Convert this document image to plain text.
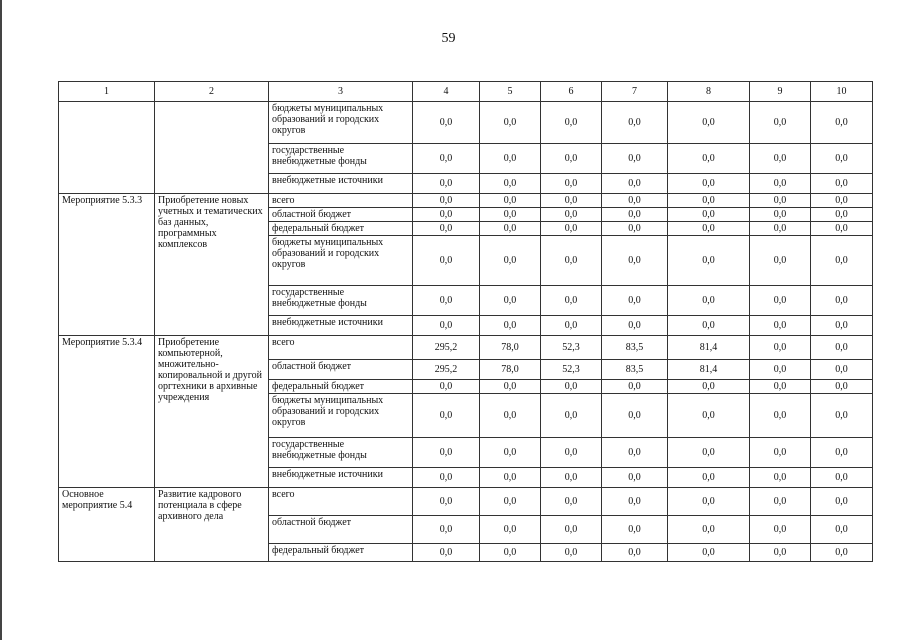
59
1	2	3	4	5	6	7	8	9	10
		бюджеты муниципальных образований и городских округов	0,0	0,0	0,0	0,0	0,0	0,0	0,0
		государственные внебюджетные фонды	0,0	0,0	0,0	0,0	0,0	0,0	0,0
		внебюджетные источники	0,0	0,0	0,0	0,0	0,0	0,0	0,0
Мероприятие 5.3.3	Приобретение новых учетных и тематических баз данных, программных комплексов	всего	0,0	0,0	0,0	0,0	0,0	0,0	0,0
		областной бюджет	0,0	0,0	0,0	0,0	0,0	0,0	0,0
		федеральный бюджет	0,0	0,0	0,0	0,0	0,0	0,0	0,0
		бюджеты муниципальных образований и городских округов	0,0	0,0	0,0	0,0	0,0	0,0	0,0
		государственные внебюджетные фонды	0,0	0,0	0,0	0,0	0,0	0,0	0,0
		внебюджетные источники	0,0	0,0	0,0	0,0	0,0	0,0	0,0
Мероприятие 5.3.4	Приобретение компьютерной, множительно-копировальной и другой оргтехники в архивные учреждения	всего	295,2	78,0	52,3	83,5	81,4	0,0	0,0
		областной бюджет	295,2	78,0	52,3	83,5	81,4	0,0	0,0
		федеральный бюджет	0,0	0,0	0,0	0,0	0,0	0,0	0,0
		бюджеты муниципальных образований и городских округов	0,0	0,0	0,0	0,0	0,0	0,0	0,0
		государственные внебюджетные фонды	0,0	0,0	0,0	0,0	0,0	0,0	0,0
		внебюджетные источники	0,0	0,0	0,0	0,0	0,0	0,0	0,0
Основное мероприятие 5.4	Развитие кадрового потенциала в сфере архивного дела	всего	0,0	0,0	0,0	0,0	0,0	0,0	0,0
		областной бюджет	0,0	0,0	0,0	0,0	0,0	0,0	0,0
		федеральный бюджет	0,0	0,0	0,0	0,0	0,0	0,0	0,0
